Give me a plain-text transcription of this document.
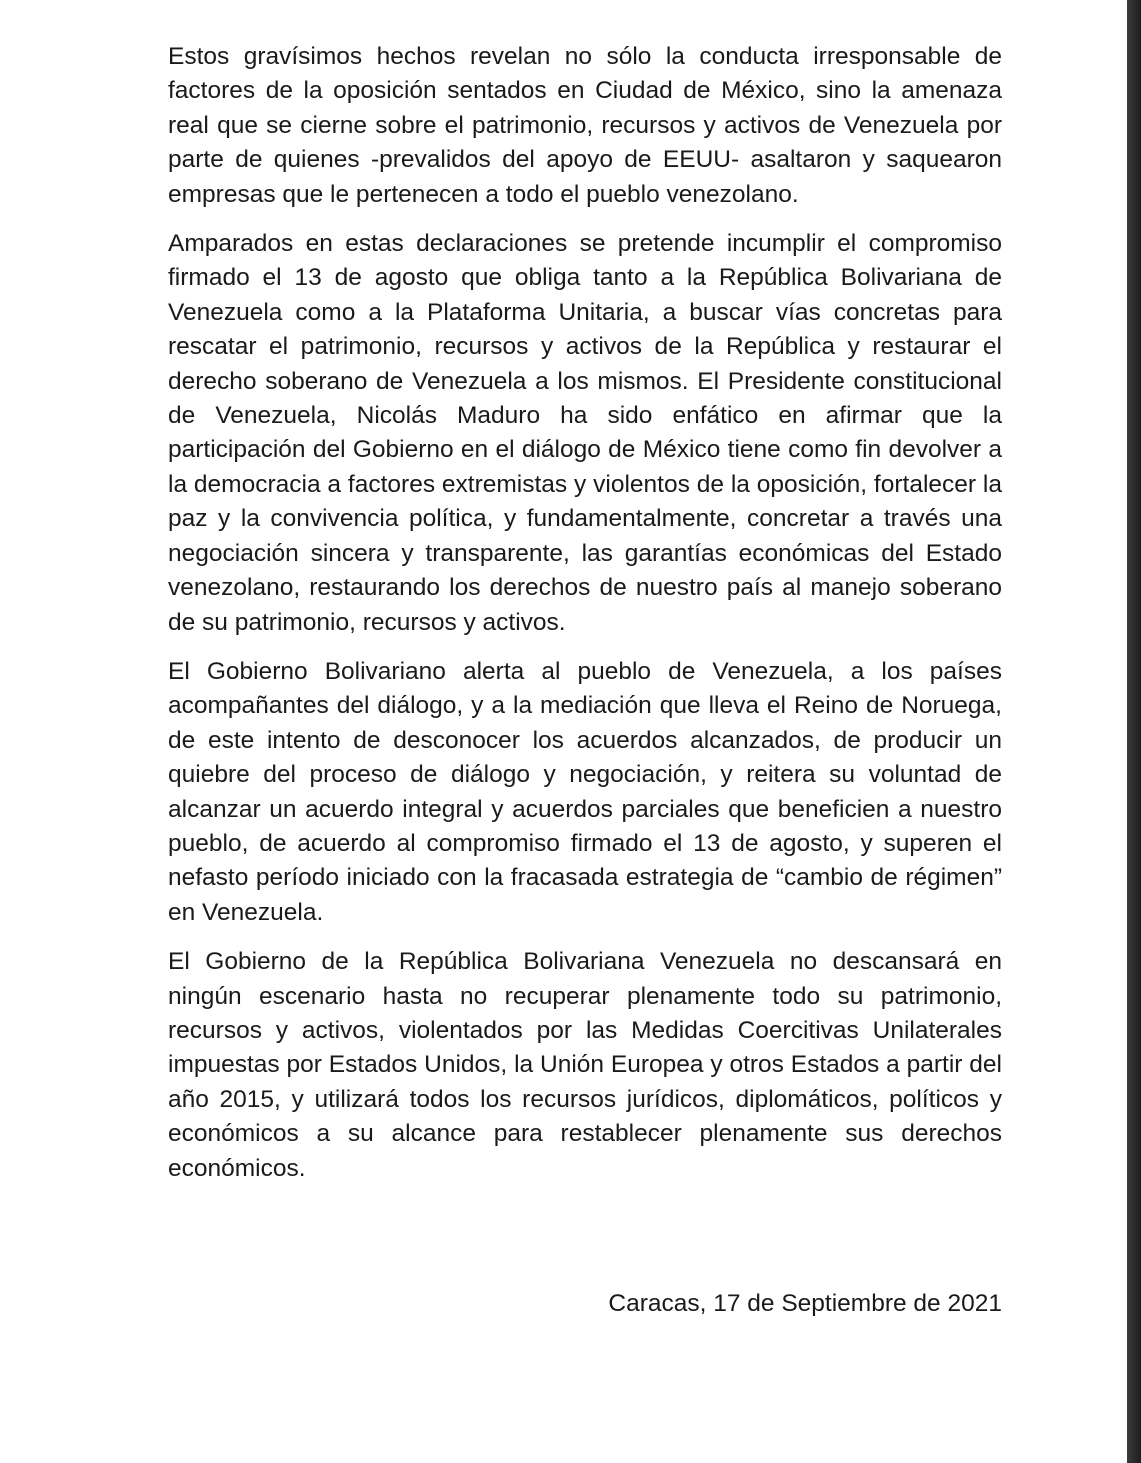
Estos gravísimos hechos revelan no sólo la conducta irresponsable de factores de la oposición sentados en Ciudad de México, sino la amenaza real que se cierne sobre el patrimonio, recursos y activos de Venezuela por parte de quienes -prevalidos del apoyo de EEUU- asaltaron y saquearon empresas que le pertenecen a todo el pueblo venezolano.

Amparados en estas declaraciones se pretende incumplir el compromiso firmado el 13 de agosto que obliga tanto a la República Bolivariana de Venezuela como a la Plataforma Unitaria, a buscar vías concretas para rescatar el patrimonio, recursos y activos de la República y restaurar el derecho soberano de Venezuela a los mismos. El Presidente constitucional de Venezuela, Nicolás Maduro ha sido enfático en afirmar que la participación del Gobierno en el diálogo de México tiene como fin devolver a la democracia a factores extremistas y violentos de la oposición, fortalecer la paz y la convivencia política, y fundamentalmente, concretar a través una negociación sincera y transparente, las garantías económicas del Estado venezolano, restaurando los derechos de nuestro país al manejo soberano de su patrimonio, recursos y activos.

El Gobierno Bolivariano alerta al pueblo de Venezuela, a los países acompañantes del diálogo, y a la mediación que lleva el Reino de Noruega, de este intento de desconocer los acuerdos alcanzados, de producir un quiebre del proceso de diálogo y negociación, y reitera su voluntad de alcanzar un acuerdo integral y acuerdos parciales que beneficien a nuestro pueblo, de acuerdo al compromiso firmado el 13 de agosto, y superen el nefasto período iniciado con la fracasada estrategia de “cambio de régimen” en Venezuela.

El Gobierno de la República Bolivariana Venezuela no descansará en ningún escenario hasta no recuperar plenamente todo su patrimonio, recursos y activos, violentados por las Medidas Coercitivas Unilaterales impuestas por Estados Unidos, la Unión Europea y otros Estados a partir del año 2015, y utilizará todos los recursos jurídicos, diplomáticos, políticos y económicos a su alcance para restablecer plenamente sus derechos económicos.

Caracas, 17 de Septiembre de 2021
